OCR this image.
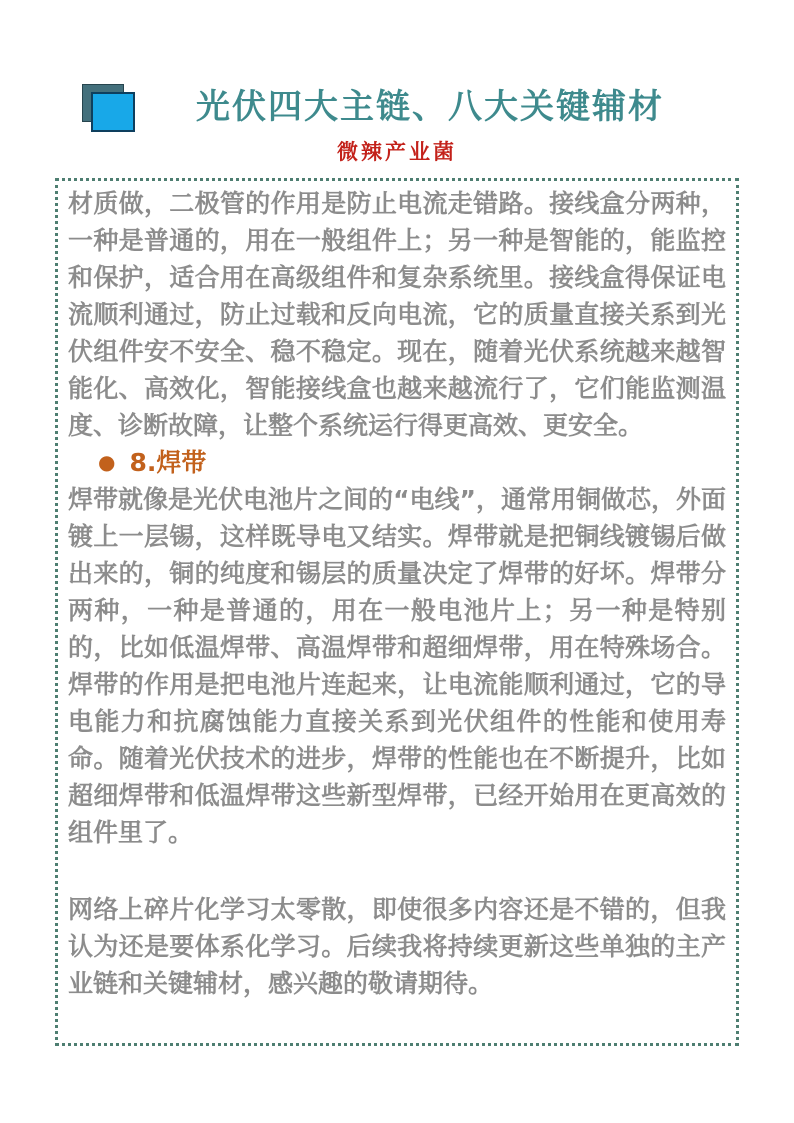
光伏四大主链、八大关键辅材
微辣产业菌

材质做，二极管的作用是防止电流走错路。接线盒分两种，一种是普通的，用在一般组件上；另一种是智能的，能监控和保护，适合用在高级组件和复杂系统里。接线盒得保证电流顺利通过，防止过载和反向电流，它的质量直接关系到光伏组件安不安全、稳不稳定。现在，随着光伏系统越来越智能化、高效化，智能接线盒也越来越流行了，它们能监测温度、诊断故障，让整个系统运行得更高效、更安全。

● 8.焊带

焊带就像是光伏电池片之间的“电线”，通常用铜做芯，外面镀上一层锡，这样既导电又结实。焊带就是把铜线镀锡后做出来的，铜的纯度和锡层的质量决定了焊带的好坏。焊带分两种，一种是普通的，用在一般电池片上；另一种是特别的，比如低温焊带、高温焊带和超细焊带，用在特殊场合。焊带的作用是把电池片连起来，让电流能顺利通过，它的导电能力和抗腐蚀能力直接关系到光伏组件的性能和使用寿命。随着光伏技术的进步，焊带的性能也在不断提升，比如超细焊带和低温焊带这些新型焊带，已经开始用在更高效的组件里了。

网络上碎片化学习太零散，即使很多内容还是不错的，但我认为还是要体系化学习。后续我将持续更新这些单独的主产业链和关键辅材，感兴趣的敬请期待。
